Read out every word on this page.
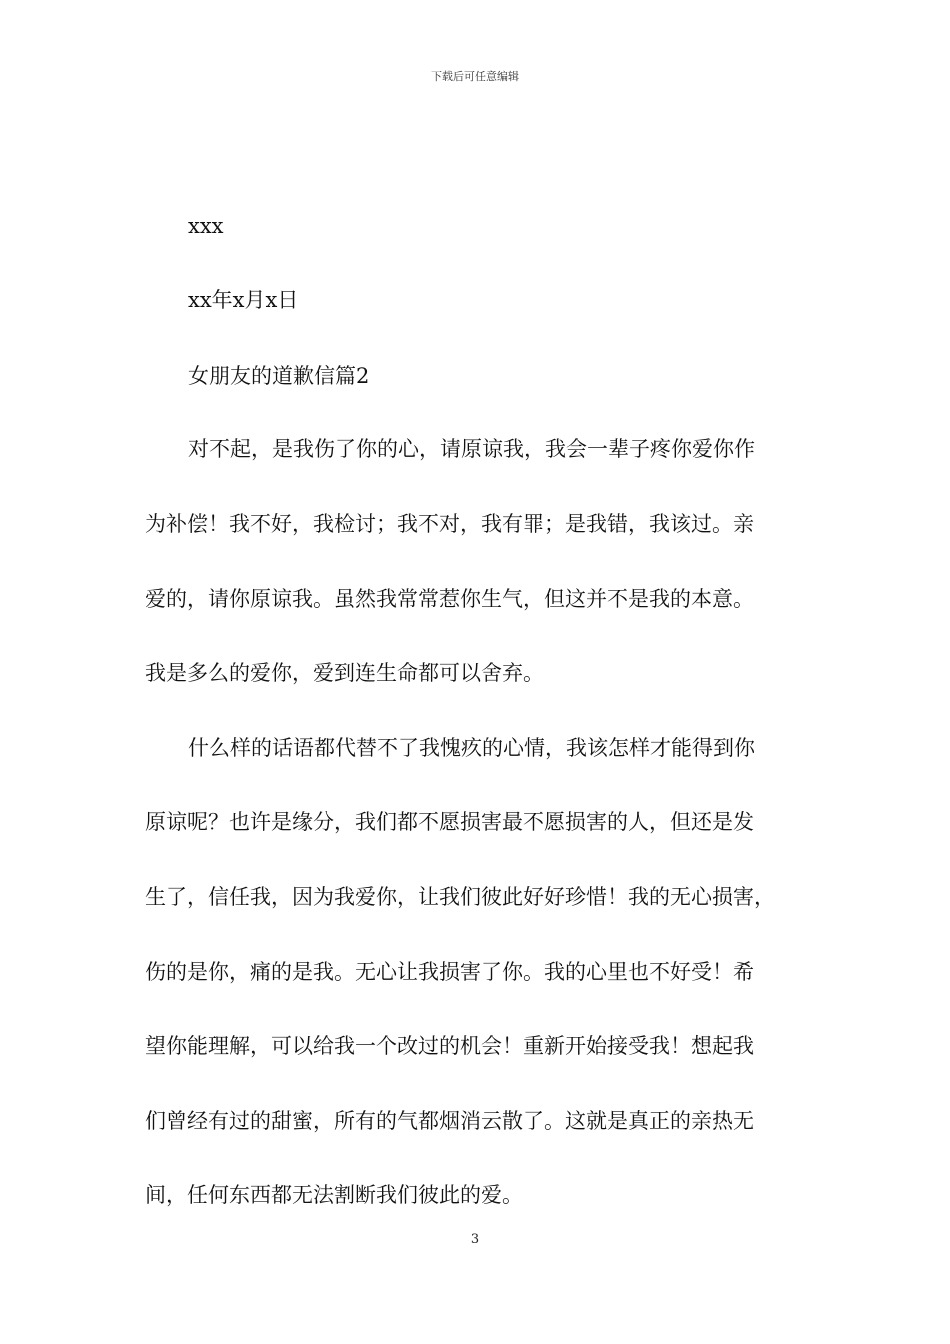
下载后可任意编辑
xxx
xx年x月x日
女朋友的道歉信篇2
对不起，是我伤了你的心，请原谅我，我会一辈子疼你爱你作
为补偿！我不好，我检讨；我不对，我有罪；是我错，我该过。亲
爱的，请你原谅我。虽然我常常惹你生气，但这并不是我的本意。
我是多么的爱你，爱到连生命都可以舍弃。
什么样的话语都代替不了我愧疚的心情，我该怎样才能得到你
原谅呢？也许是缘分，我们都不愿损害最不愿损害的人，但还是发
生了，信任我，因为我爱你，让我们彼此好好珍惜！我的无心损害，
伤的是你，痛的是我。无心让我损害了你。我的心里也不好受！希
望你能理解，可以给我一个改过的机会！重新开始接受我！想起我
们曾经有过的甜蜜，所有的气都烟消云散了。这就是真正的亲热无
间，任何东西都无法割断我们彼此的爱。
3
